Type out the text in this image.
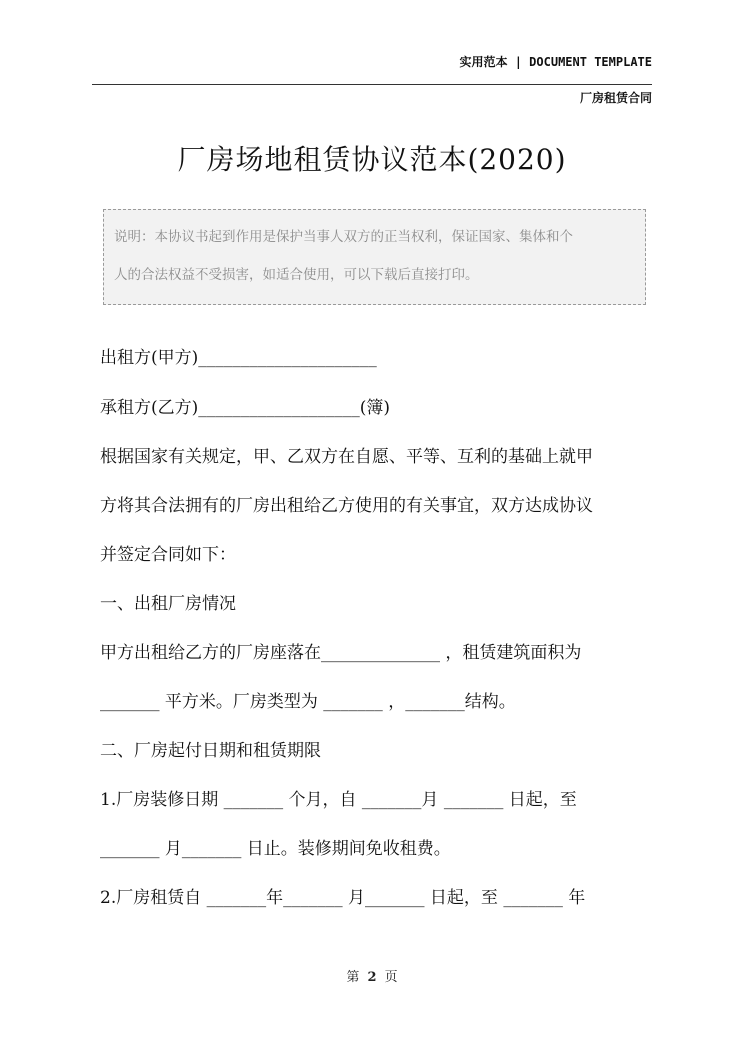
实用范本 | DOCUMENT TEMPLATE
厂房租赁合同
厂房场地租赁协议范本(2020)
说明：本协议书起到作用是保护当事人双方的正当权利，保证国家、集体和个
人的合法权益不受损害，如适合使用，可以下载后直接打印。
出租方(甲方)_____________________
承租方(乙方)___________________(簿)
根据国家有关规定，甲、乙双方在自愿、平等、互利的基础上就甲
方将其合法拥有的厂房出租给乙方使用的有关事宜，双方达成协议
并签定合同如下：
一、出租厂房情况
甲方出租给乙方的厂房座落在______________ ，租赁建筑面积为
_______ 平方米。厂房类型为 _______ ，_______结构。
二、厂房起付日期和租赁期限
1.厂房装修日期 _______ 个月，自 _______月 _______ 日起，至
_______ 月_______ 日止。装修期间免收租费。
2.厂房租赁自 _______年_______ 月_______ 日起，至 _______ 年
第 2 页
